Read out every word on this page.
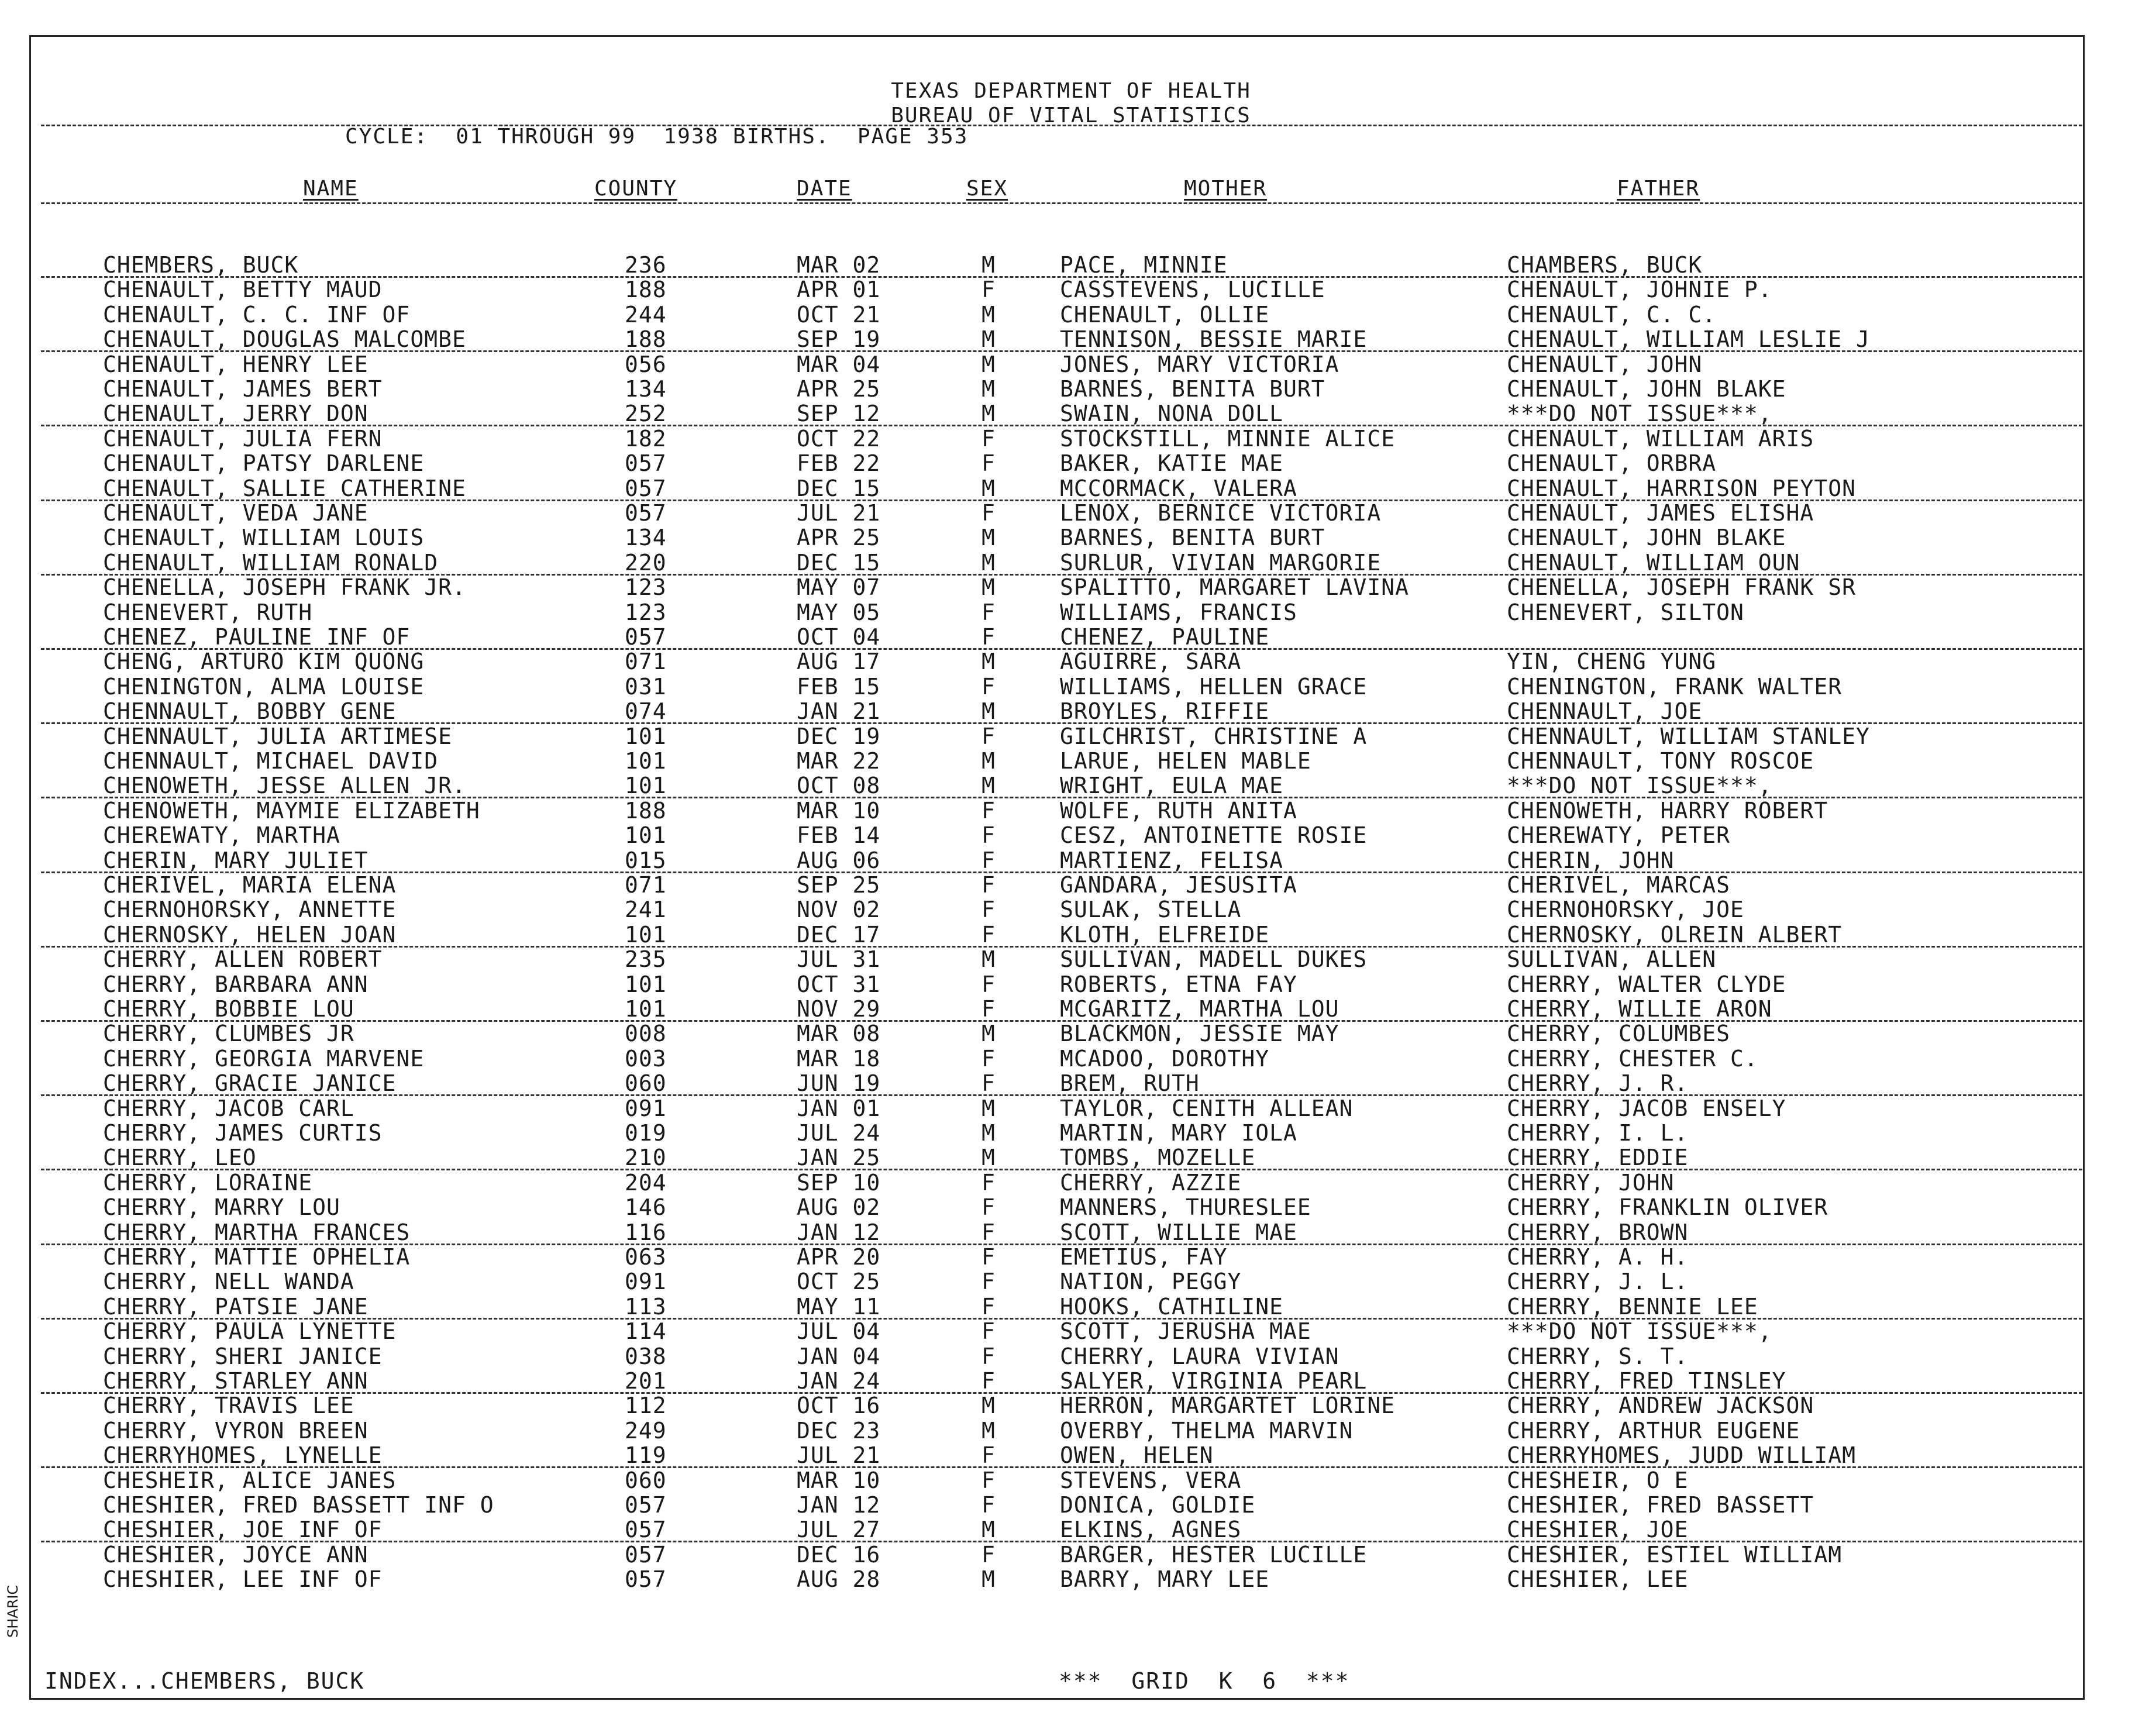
TEXAS DEPARTMENT OF HEALTH
BUREAU OF VITAL STATISTICS
CYCLE:  01 THROUGH 99  1938 BIRTHS.  PAGE 353
NAME	COUNTY	DATE	SEX	MOTHER	FATHER
CHEMBERS, BUCK	236	MAR 02	M	PACE, MINNIE	CHAMBERS, BUCK
CHENAULT, BETTY MAUD	188	APR 01	F	CASSTEVENS, LUCILLE	CHENAULT, JOHNIE P.
CHENAULT, C. C. INF OF	244	OCT 21	M	CHENAULT, OLLIE	CHENAULT, C. C.
CHENAULT, DOUGLAS MALCOMBE	188	SEP 19	M	TENNISON, BESSIE MARIE	CHENAULT, WILLIAM LESLIE J
CHENAULT, HENRY LEE	056	MAR 04	M	JONES, MARY VICTORIA	CHENAULT, JOHN
CHENAULT, JAMES BERT	134	APR 25	M	BARNES, BENITA BURT	CHENAULT, JOHN BLAKE
CHENAULT, JERRY DON	252	SEP 12	M	SWAIN, NONA DOLL	***DO NOT ISSUE***,
CHENAULT, JULIA FERN	182	OCT 22	F	STOCKSTILL, MINNIE ALICE	CHENAULT, WILLIAM ARIS
CHENAULT, PATSY DARLENE	057	FEB 22	F	BAKER, KATIE MAE	CHENAULT, ORBRA
CHENAULT, SALLIE CATHERINE	057	DEC 15	M	MCCORMACK, VALERA	CHENAULT, HARRISON PEYTON
CHENAULT, VEDA JANE	057	JUL 21	F	LENOX, BERNICE VICTORIA	CHENAULT, JAMES ELISHA
CHENAULT, WILLIAM LOUIS	134	APR 25	M	BARNES, BENITA BURT	CHENAULT, JOHN BLAKE
CHENAULT, WILLIAM RONALD	220	DEC 15	M	SURLUR, VIVIAN MARGORIE	CHENAULT, WILLIAM OUN
CHENELLA, JOSEPH FRANK JR.	123	MAY 07	M	SPALITTO, MARGARET LAVINA	CHENELLA, JOSEPH FRANK SR
CHENEVERT, RUTH	123	MAY 05	F	WILLIAMS, FRANCIS	CHENEVERT, SILTON
CHENEZ, PAULINE INF OF	057	OCT 04	F	CHENEZ, PAULINE
CHENG, ARTURO KIM QUONG	071	AUG 17	M	AGUIRRE, SARA	YIN, CHENG YUNG
CHENINGTON, ALMA LOUISE	031	FEB 15	F	WILLIAMS, HELLEN GRACE	CHENINGTON, FRANK WALTER
CHENNAULT, BOBBY GENE	074	JAN 21	M	BROYLES, RIFFIE	CHENNAULT, JOE
CHENNAULT, JULIA ARTIMESE	101	DEC 19	F	GILCHRIST, CHRISTINE A	CHENNAULT, WILLIAM STANLEY
CHENNAULT, MICHAEL DAVID	101	MAR 22	M	LARUE, HELEN MABLE	CHENNAULT, TONY ROSCOE
CHENOWETH, JESSE ALLEN JR.	101	OCT 08	M	WRIGHT, EULA MAE	***DO NOT ISSUE***,
CHENOWETH, MAYMIE ELIZABETH	188	MAR 10	F	WOLFE, RUTH ANITA	CHENOWETH, HARRY ROBERT
CHEREWATY, MARTHA	101	FEB 14	F	CESZ, ANTOINETTE ROSIE	CHEREWATY, PETER
CHERIN, MARY JULIET	015	AUG 06	F	MARTIENZ, FELISA	CHERIN, JOHN
CHERIVEL, MARIA ELENA	071	SEP 25	F	GANDARA, JESUSITA	CHERIVEL, MARCAS
CHERNOHORSKY, ANNETTE	241	NOV 02	F	SULAK, STELLA	CHERNOHORSKY, JOE
CHERNOSKY, HELEN JOAN	101	DEC 17	F	KLOTH, ELFREIDE	CHERNOSKY, OLREIN ALBERT
CHERRY, ALLEN ROBERT	235	JUL 31	M	SULLIVAN, MADELL DUKES	SULLIVAN, ALLEN
CHERRY, BARBARA ANN	101	OCT 31	F	ROBERTS, ETNA FAY	CHERRY, WALTER CLYDE
CHERRY, BOBBIE LOU	101	NOV 29	F	MCGARITZ, MARTHA LOU	CHERRY, WILLIE ARON
CHERRY, CLUMBES JR	008	MAR 08	M	BLACKMON, JESSIE MAY	CHERRY, COLUMBES
CHERRY, GEORGIA MARVENE	003	MAR 18	F	MCADOO, DOROTHY	CHERRY, CHESTER C.
CHERRY, GRACIE JANICE	060	JUN 19	F	BREM, RUTH	CHERRY, J. R.
CHERRY, JACOB CARL	091	JAN 01	M	TAYLOR, CENITH ALLEAN	CHERRY, JACOB ENSELY
CHERRY, JAMES CURTIS	019	JUL 24	M	MARTIN, MARY IOLA	CHERRY, I. L.
CHERRY, LEO	210	JAN 25	M	TOMBS, MOZELLE	CHERRY, EDDIE
CHERRY, LORAINE	204	SEP 10	F	CHERRY, AZZIE	CHERRY, JOHN
CHERRY, MARRY LOU	146	AUG 02	F	MANNERS, THURESLEE	CHERRY, FRANKLIN OLIVER
CHERRY, MARTHA FRANCES	116	JAN 12	F	SCOTT, WILLIE MAE	CHERRY, BROWN
CHERRY, MATTIE OPHELIA	063	APR 20	F	EMETIUS, FAY	CHERRY, A. H.
CHERRY, NELL WANDA	091	OCT 25	F	NATION, PEGGY	CHERRY, J. L.
CHERRY, PATSIE JANE	113	MAY 11	F	HOOKS, CATHILINE	CHERRY, BENNIE LEE
CHERRY, PAULA LYNETTE	114	JUL 04	F	SCOTT, JERUSHA MAE	***DO NOT ISSUE***,
CHERRY, SHERI JANICE	038	JAN 04	F	CHERRY, LAURA VIVIAN	CHERRY, S. T.
CHERRY, STARLEY ANN	201	JAN 24	F	SALYER, VIRGINIA PEARL	CHERRY, FRED TINSLEY
CHERRY, TRAVIS LEE	112	OCT 16	M	HERRON, MARGARTET LORINE	CHERRY, ANDREW JACKSON
CHERRY, VYRON BREEN	249	DEC 23	M	OVERBY, THELMA MARVIN	CHERRY, ARTHUR EUGENE
CHERRYHOMES, LYNELLE	119	JUL 21	F	OWEN, HELEN	CHERRYHOMES, JUDD WILLIAM
CHESHEIR, ALICE JANES	060	MAR 10	F	STEVENS, VERA	CHESHEIR, O E
CHESHIER, FRED BASSETT INF O	057	JAN 12	F	DONICA, GOLDIE	CHESHIER, FRED BASSETT
CHESHIER, JOE INF OF	057	JUL 27	M	ELKINS, AGNES	CHESHIER, JOE
CHESHIER, JOYCE ANN	057	DEC 16	F	BARGER, HESTER LUCILLE	CHESHIER, ESTIEL WILLIAM
CHESHIER, LEE INF OF	057	AUG 28	M	BARRY, MARY LEE	CHESHIER, LEE
INDEX...CHEMBERS, BUCK	***  GRID  K  6  ***
SHARIC
